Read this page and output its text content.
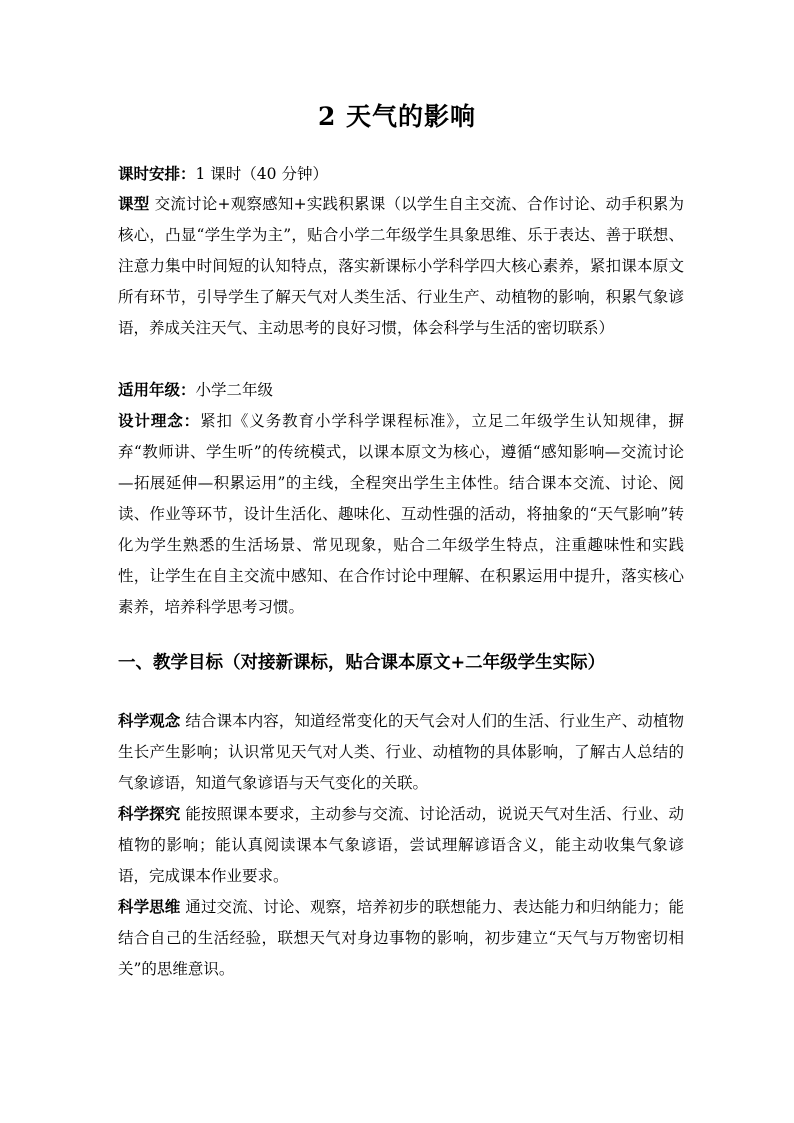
2 天气的影响
课时安排：1 课时（40 分钟）
课型 交流讨论+观察感知+实践积累课（以学生自主交流、合作讨论、动手积累为核心，凸显“学生学为主”，贴合小学二年级学生具象思维、乐于表达、善于联想、注意力集中时间短的认知特点，落实新课标小学科学四大核心素养，紧扣课本原文所有环节，引导学生了解天气对人类生活、行业生产、动植物的影响，积累气象谚语，养成关注天气、主动思考的良好习惯，体会科学与生活的密切联系）
适用年级：小学二年级
设计理念：紧扣《义务教育小学科学课程标准》，立足二年级学生认知规律，摒弃“教师讲、学生听”的传统模式，以课本原文为核心，遵循“感知影响—交流讨论—拓展延伸—积累运用”的主线，全程突出学生主体性。结合课本交流、讨论、阅读、作业等环节，设计生活化、趣味化、互动性强的活动，将抽象的“天气影响”转化为学生熟悉的生活场景、常见现象，贴合二年级学生特点，注重趣味性和实践性，让学生在自主交流中感知、在合作讨论中理解、在积累运用中提升，落实核心素养，培养科学思考习惯。
一、教学目标（对接新课标，贴合课本原文+二年级学生实际）
科学观念 结合课本内容，知道经常变化的天气会对人们的生活、行业生产、动植物生长产生影响；认识常见天气对人类、行业、动植物的具体影响，了解古人总结的气象谚语，知道气象谚语与天气变化的关联。
科学探究 能按照课本要求，主动参与交流、讨论活动，说说天气对生活、行业、动植物的影响；能认真阅读课本气象谚语，尝试理解谚语含义，能主动收集气象谚语，完成课本作业要求。
科学思维 通过交流、讨论、观察，培养初步的联想能力、表达能力和归纳能力；能结合自己的生活经验，联想天气对身边事物的影响，初步建立“天气与万物密切相关”的思维意识。
